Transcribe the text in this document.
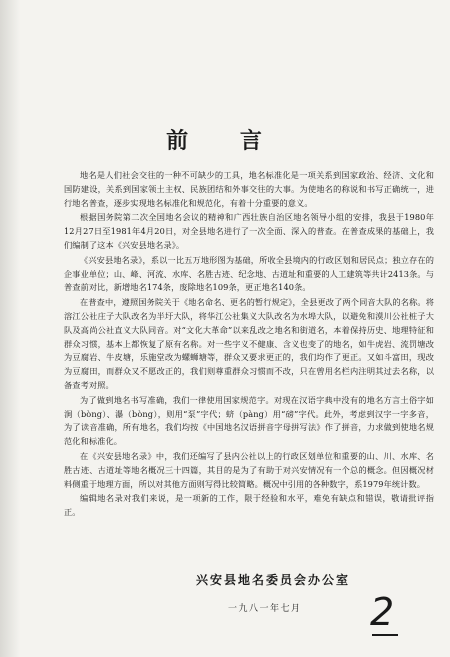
前 言

地名是人们社会交往的一种不可缺少的工具，地名标准化是一项关系到国家政治、经济、文化和国防建设，关系到国家领土主权、民族团结和外事交往的大事。为使地名的称说和书写正确统一，进行地名普查，逐步实现地名标准化和规范化，有着十分重要的意义。

根据国务院第二次全国地名会议的精神和广西壮族自治区地名领导小组的安排，我县于1980年12月27日至1981年4月20日，对全县地名进行了一次全面、深入的普查。在普查成果的基础上，我们编制了这本《兴安县地名录》。

《兴安县地名录》，系以一比五万地形图为基础，所收全县境内的行政区划和居民点；独立存在的企事业单位；山、峰、河流、水库、名胜古迹、纪念地、古道址和重要的人工建筑等共计2413条。与普查前对比，新增地名174条，废除地名109条，更正地名140条。

在普查中，遵照国务院关于《地名命名、更名的暂行规定》，全县更改了两个同音大队的名称。将溶江公社庄子大队改名为半圩大队，将华江公社集义大队改名为水埠大队，以避免和漠川公社桩子大队及高尚公社直义大队同音。对“文化大革命”以来乱改之地名和街道名，本着保持历史、地理特征和群众习惯，基本上都恢复了原有名称。对一些字义不健康、含义也变了的地名，如牛虎岩、流罚塘改为豆腐岩、牛皮塘，乐施堂改为螺蛳塘等，群众又要求更正的，我们均作了更正。又如斗富田，现改为豆腐田，而群众又不愿改正的，我们则尊重群众习惯而不改，只在曾用名栏内注明其过去名称，以备查考对照。

为了做到地名书写准确，我们一律使用国家规范字。对现在汉语字典中没有的地名方言土俗字如涧（bòng）、瀑（bòng），则用“泵”字代；蛴（pàng）用“磅”字代。此外，考虑到汉字一字多音，为了读音准确，所有地名，我们均按《中国地名汉语拼音字母拼写法》作了拼音，力求做到使地名规范化和标准化。

在《兴安县地名录》中，我们还编写了县内公社以上的行政区划单位和重要的山、川、水库、名胜古迹、古道址等地名概况三十四篇，其目的是为了有助于对兴安情况有一个总的概念。但因概况材料侧重于地理方面，所以对其他方面则写得比较简略。概况中引用的各种数字，系1979年统计数。

编辑地名录对我们来说，是一项新的工作，限于经验和水平，难免有缺点和错误，敬请批评指正。

兴安县地名委员会办公室
一九八一年七月 2
